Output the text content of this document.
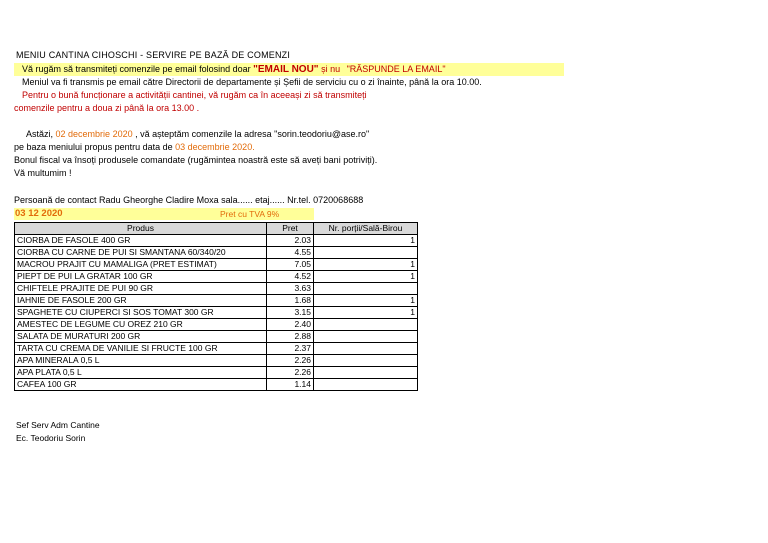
MENIU CANTINA CIHOSCHI - SERVIRE PE BAZĂ DE COMENZI
Vă rugăm să transmiteți comenzile pe email folosind doar "EMAIL NOU" și nu "RĂSPUNDE LA EMAIL"
Meniul va fi transmis pe email către Directorii de departamente și Șefii de serviciu cu o zi înainte, până la ora 10.00.
Pentru o bună funcționare a activității cantinei, vă rugăm ca în aceeași zi să transmiteți
comenzile pentru a doua zi până la ora 13.00 .
Astăzi, 02 decembrie 2020 , vă așteptăm comenzile la adresa "sorin.teodoriu@ase.ro"
pe baza meniului propus pentru data de 03 decembrie 2020.
Bonul fiscal va însoți produsele comandate (rugămintea noastră este să aveți bani potriviți).
Vă multumim !
Persoană de contact Radu Gheorghe Cladire Moxa sala...... etaj...... Nr.tel. 0720068688
03 12 2020	Pret cu TVA 9%
Produs	Pret	Nr. porții/Sală-Birou
CIORBA DE FASOLE 400 GR	2.03	1
CIORBA CU CARNE DE PUI SI SMANTANA 60/340/20	4.55	
MACROU PRAJIT CU MAMALIGA (PRET ESTIMAT)	7.05	1
PIEPT DE PUI LA GRATAR 100 GR	4.52	1
CHIFTELE PRAJITE DE PUI 90 GR	3.63	
IAHNIE DE FASOLE 200 GR	1.68	1
SPAGHETE CU CIUPERCI SI SOS TOMAT 300 GR	3.15	1
AMESTEC DE LEGUME CU OREZ 210 GR	2.40	
SALATA DE MURATURI 200 GR	2.88	
TARTA CU CREMA DE VANILIE SI FRUCTE 100 GR	2.37	
APA MINERALA 0,5 L	2.26	
APA PLATA 0,5 L	2.26	
CAFEA 100 GR	1.14	
Sef Serv Adm Cantine
Ec. Teodoriu Sorin
